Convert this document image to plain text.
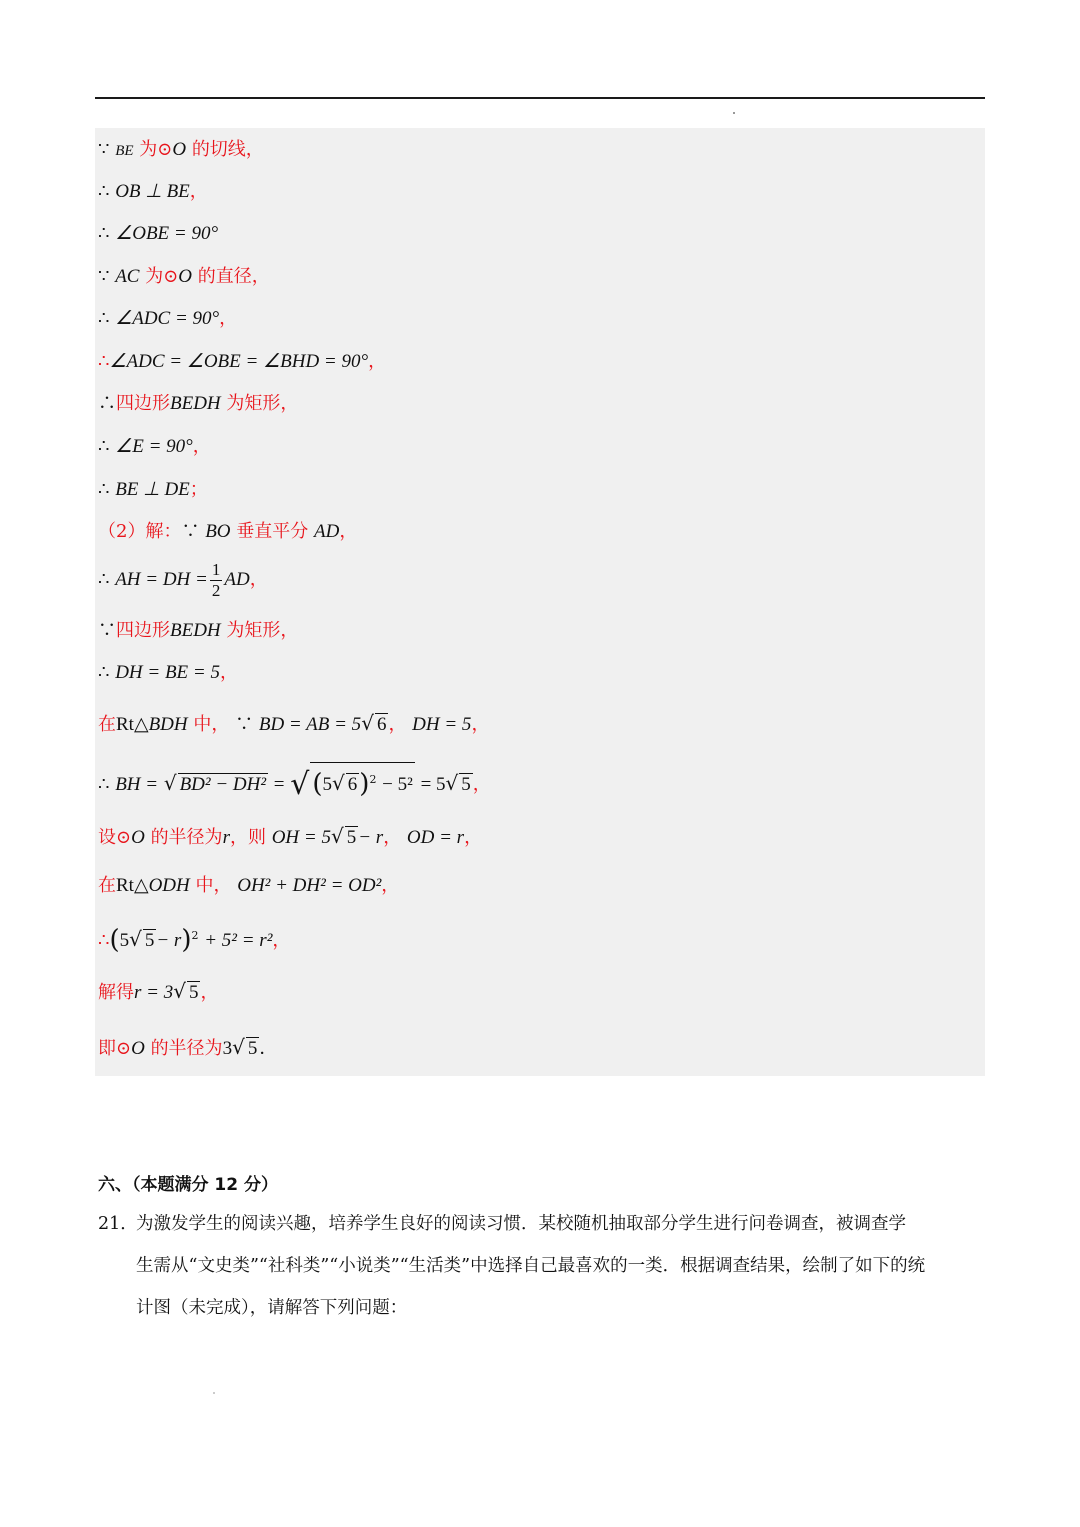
∵ BE 为⊙O 的切线，
∴ OB ⊥ BE，
∴ ∠OBE = 90°
∵ AC 为⊙O 的直径，
∴ ∠ADC = 90°，
∴∠ADC = ∠OBE = ∠BHD = 90°，
∴四边形BEDH 为矩形，
∴ ∠E = 90°，
∴ BE ⊥ DE；
（2）解：∵ BO 垂直平分 AD，
∴ AH = DH = $\frac{1}{2}$ AD，
∵四边形BEDH 为矩形，
∴ DH = BE = 5，
在Rt△BDH 中， ∵ BD = AB = 5√ 6 ， DH = 5，
∴ BH = √ BD² − DH² = √ (5√ 6)$^2$ − 5² = 5√ 5 ，
设⊙O 的半径为r，则 OH = 5√ 5 − r， OD = r，
在Rt△ODH 中， OH² + DH² = OD²，
∴(5√ 5 − r)$^2$ + 5² = r²，
解得r = 3√ 5 ，
即⊙O 的半径为3√ 5 ．
六、（本题满分 12 分）
21．为激发学生的阅读兴趣，培养学生良好的阅读习惯．某校随机抽取部分学生进行问卷调查，被调查学
生需从“文史类”“社科类”“小说类”“生活类”中选择自己最喜欢的一类．根据调查结果，绘制了如下的统
计图（未完成），请解答下列问题：
